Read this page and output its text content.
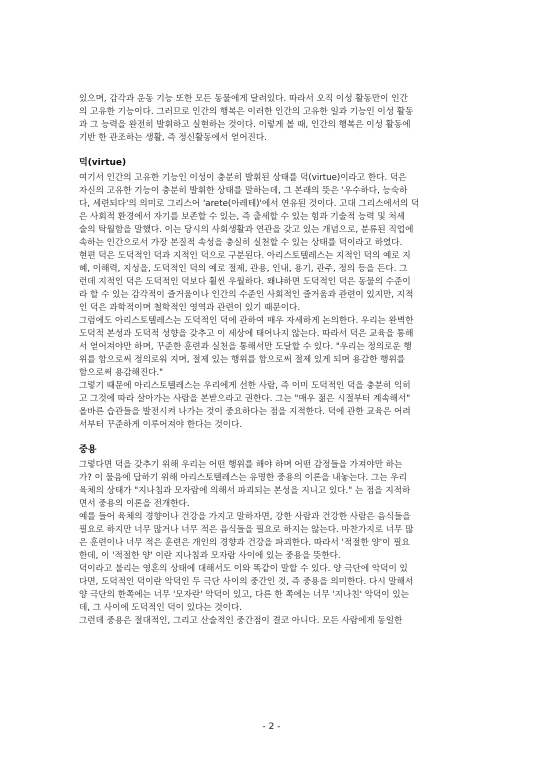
있으며, 감각과 운동 기능 또한 모든 동물에게 달려있다. 따라서 오직 이성 활동만이 인간
의 고유한 기능이다. 그러므로 인간의 행복은 이러한 인간의 고유한 일과 기능인 이성 활동
과 그 능력을 완전히 발휘하고 실현하는 것이다. 이렇게 볼 때, 인간의 행복은 이성 활동에
기반 한 관조하는 생활, 즉 정신활동에서 얻어진다.
덕(virtue)
여기서 인간의 고유한 기능인 이성이 충분히 발휘된 상태를 덕(virtue)이라고 한다. 덕은
자신의 고유한 기능이 충분히 발휘한 상태를 말하는데, 그 본래의 뜻은 '우수하다, 능숙하
다, 세련되다'의 의미로 그리스어 'arete(아레테)'에서 연유된 것이다. 고대 그리스에서의 덕
은 사회적 환경에서 자기를 보존할 수 있는, 즉 출세할 수 있는 힘과 기술적 능력 및 처세
술의 탁월함을 말했다. 이는 당시의 사회생활과 연관을 갖고 있는 개념으로, 분류된 직업에
속하는 인간으로서 가장 본질적 속성을 충실히 실천할 수 있는 상태를 덕이라고 하였다.
현편 덕은 도덕적인 덕과 지적인 덕으로 구분된다. 아리스토텔레스는 지적인 덕의 예로 지
혜, 이해력, 지성을, 도덕적인 덕의 예로 절제, 관용, 인내, 용기, 관주, 정의 등을 든다. 그
런데 지적인 덕은 도덕적인 덕보다 훨씬 우월하다. 왜냐하면 도덕적인 덕은 동물의 수준이
라 할 수 있는 감각적이 즐거움이나 인간의 수준인 사회적인 즐거움과 관련이 있지만, 지적
인 덕은 과학적이며 철학적인 영역과 관련이 있기 때문이다.
그럼에도 아리스토텔레스는 도덕적인 덕에 관하여 매우 자세하게 논의한다. 우리는 완벽한
도덕적 본성과 도덕적 성향을 갖추고 이 세상에 태어나지 않는다. 따라서 덕은 교육을 통해
서 얻어져야만 하며, 꾸준한 훈련과 실천을 통해서만 도달할 수 있다. "우리는 정의로운 행
위를 함으로써 정의로워 지며, 절제 있는 행위를 함으로써 절제 있게 되며 용감한 행위를
함으로써 용감해진다."
그렇기 때문에 아리스토텔레스는 우리에게 선한 사람, 즉 이미 도덕적인 덕을 충분히 익히
고 그것에 따라 살아가는 사람을 본받으라고 권한다. 그는 "매우 젊은 시절부터 계속해서"
올바른 습관들을 발전시켜 나가는 것이 중요하다는 점을 지적한다. 덕에 관한 교육은 어려
서부터 꾸준하게 이루어져야 한다는 것이다.
중용
그렇다면 덕을 갖추기 위해 우리는 어떤 행위를 해야 하며 어떤 감정들을 가져야만 하는
가? 이 물음에 답하기 위해 아리스토텔레스는 유명한 중용의 이론을 내놓는다. 그는 우리
육체의 상태가 "지나침과 모자람에 의해서 파괴되는 본성을 지니고 있다." 는 점을 지적하
면서 중용의 이론을 전개한다.
예를 들어 육체의 경향이나 건강을 가지고 말하자면, 강한 사람과 건강한 사람은 음식들을
필요로 하지만 너무 많거나 너무 적은 음식들을 필요로 하지는 않는다. 마찬가지로 너무 많
은 훈련이나 너무 적은 훈련은 개인의 경향과 건강을 파괴한다. 따라서 '적절한 양'이 필요
한데, 이 '적절한 양' 이란 지나침과 모자람 사이에 있는 중용을 뜻한다.
덕이라고 불리는 영혼의 상태에 대해서도 이와 똑같이 말할 수 있다. 양 극단에 악덕이 있
다면, 도덕적인 덕이란 악덕인 두 극단 사이의 중간인 것, 즉 중용을 의미한다. 다시 말해서
양 극단의 한쪽에는 너무 '모자란' 악덕이 있고, 다른 한 쪽에는 너무 '지나친' 악덕이 있는
데, 그 사이에 도덕적인 덕이 있다는 것이다.
그런데 중용은 절대적인, 그리고 산술적인 중간점이 결코 아니다. 모든 사람에게 동일한
- 2 -
